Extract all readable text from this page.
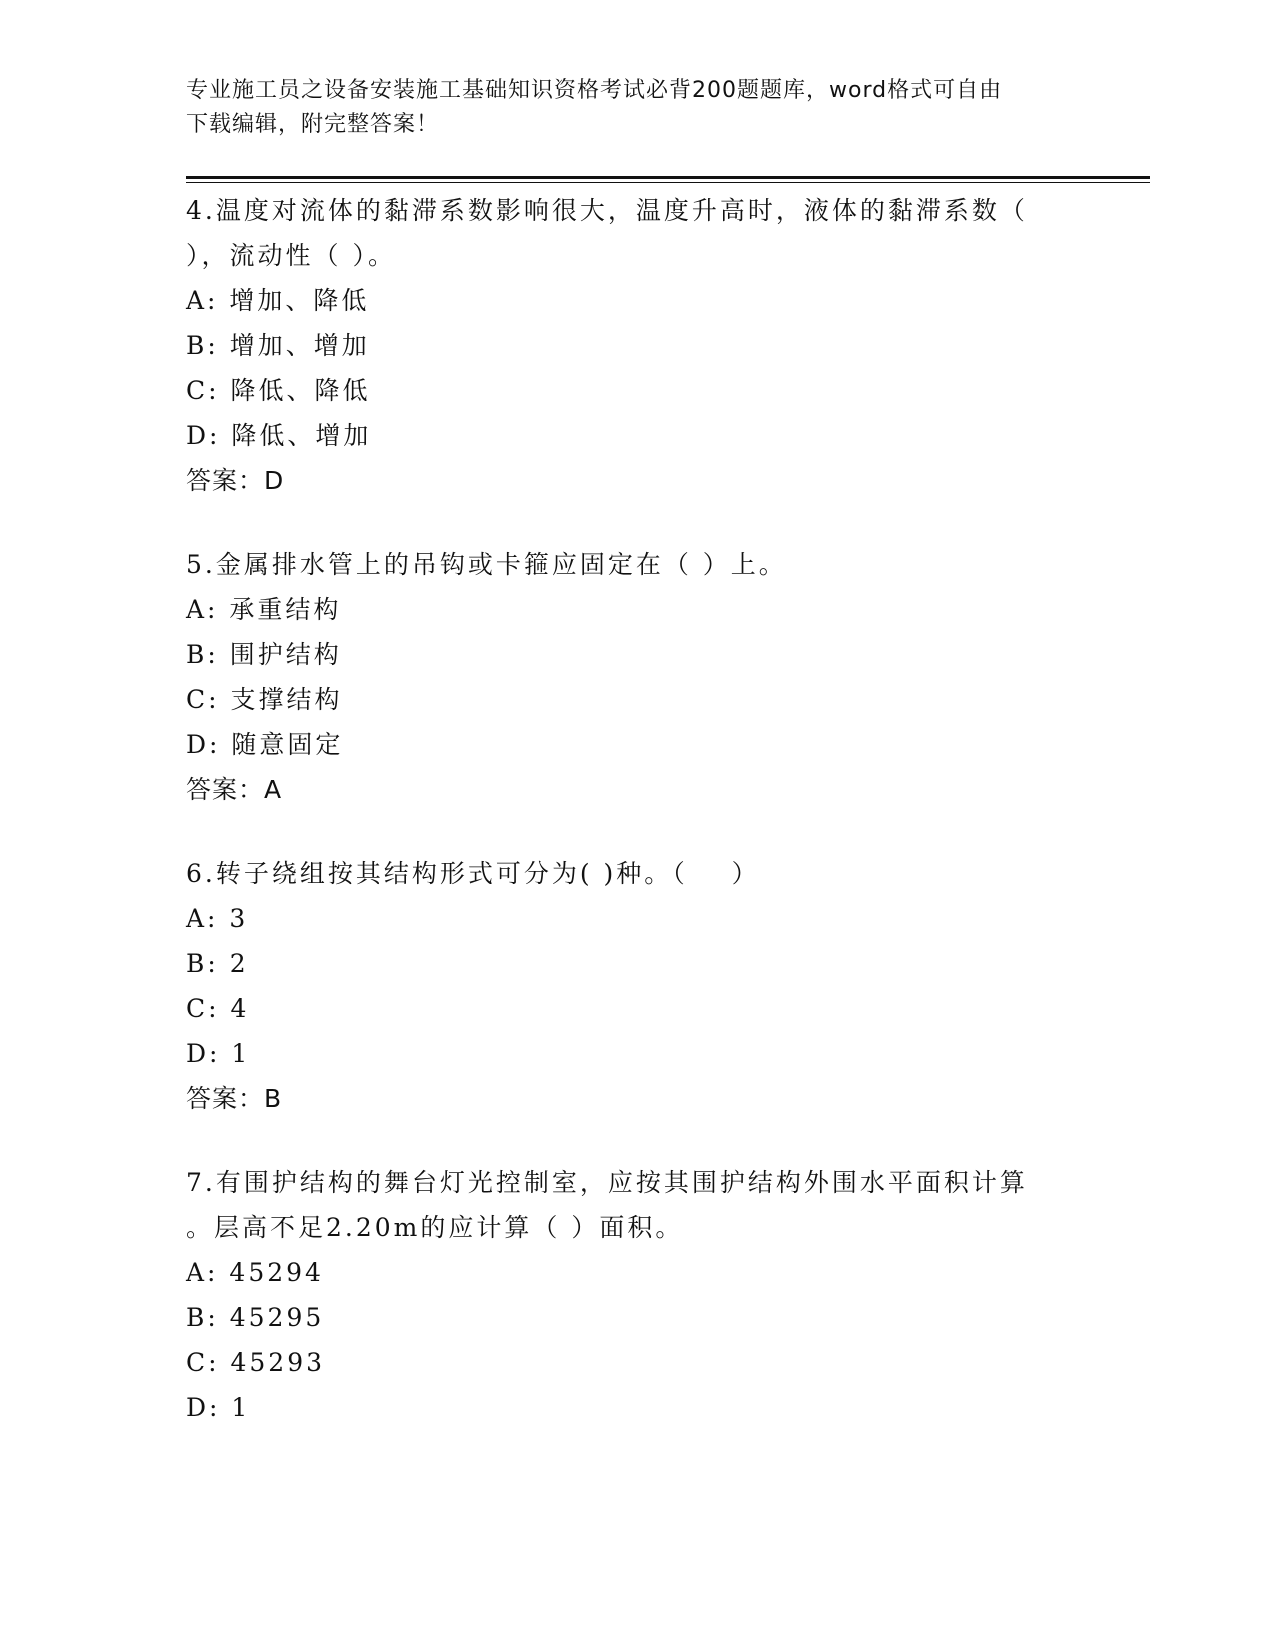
专业施工员之设备安装施工基础知识资格考试必背200题题库，word格式可自由
下载编辑，附完整答案！
4.温度对流体的黏滞系数影响很大，温度升高时，液体的黏滞系数（
），流动性（ ）。
A: 增加、降低
B: 增加、增加
C: 降低、降低
D: 降低、增加
答案：D
5.金属排水管上的吊钩或卡箍应固定在（ ）上。
A: 承重结构
B: 围护结构
C: 支撑结构
D: 随意固定
答案：A
6.转子绕组按其结构形式可分为( )种。（    ）
A: 3
B: 2
C: 4
D: 1
答案：B
7.有围护结构的舞台灯光控制室，应按其围护结构外围水平面积计算
。层高不足2.20m的应计算（ ）面积。
A: 45294
B: 45295
C: 45293
D: 1
